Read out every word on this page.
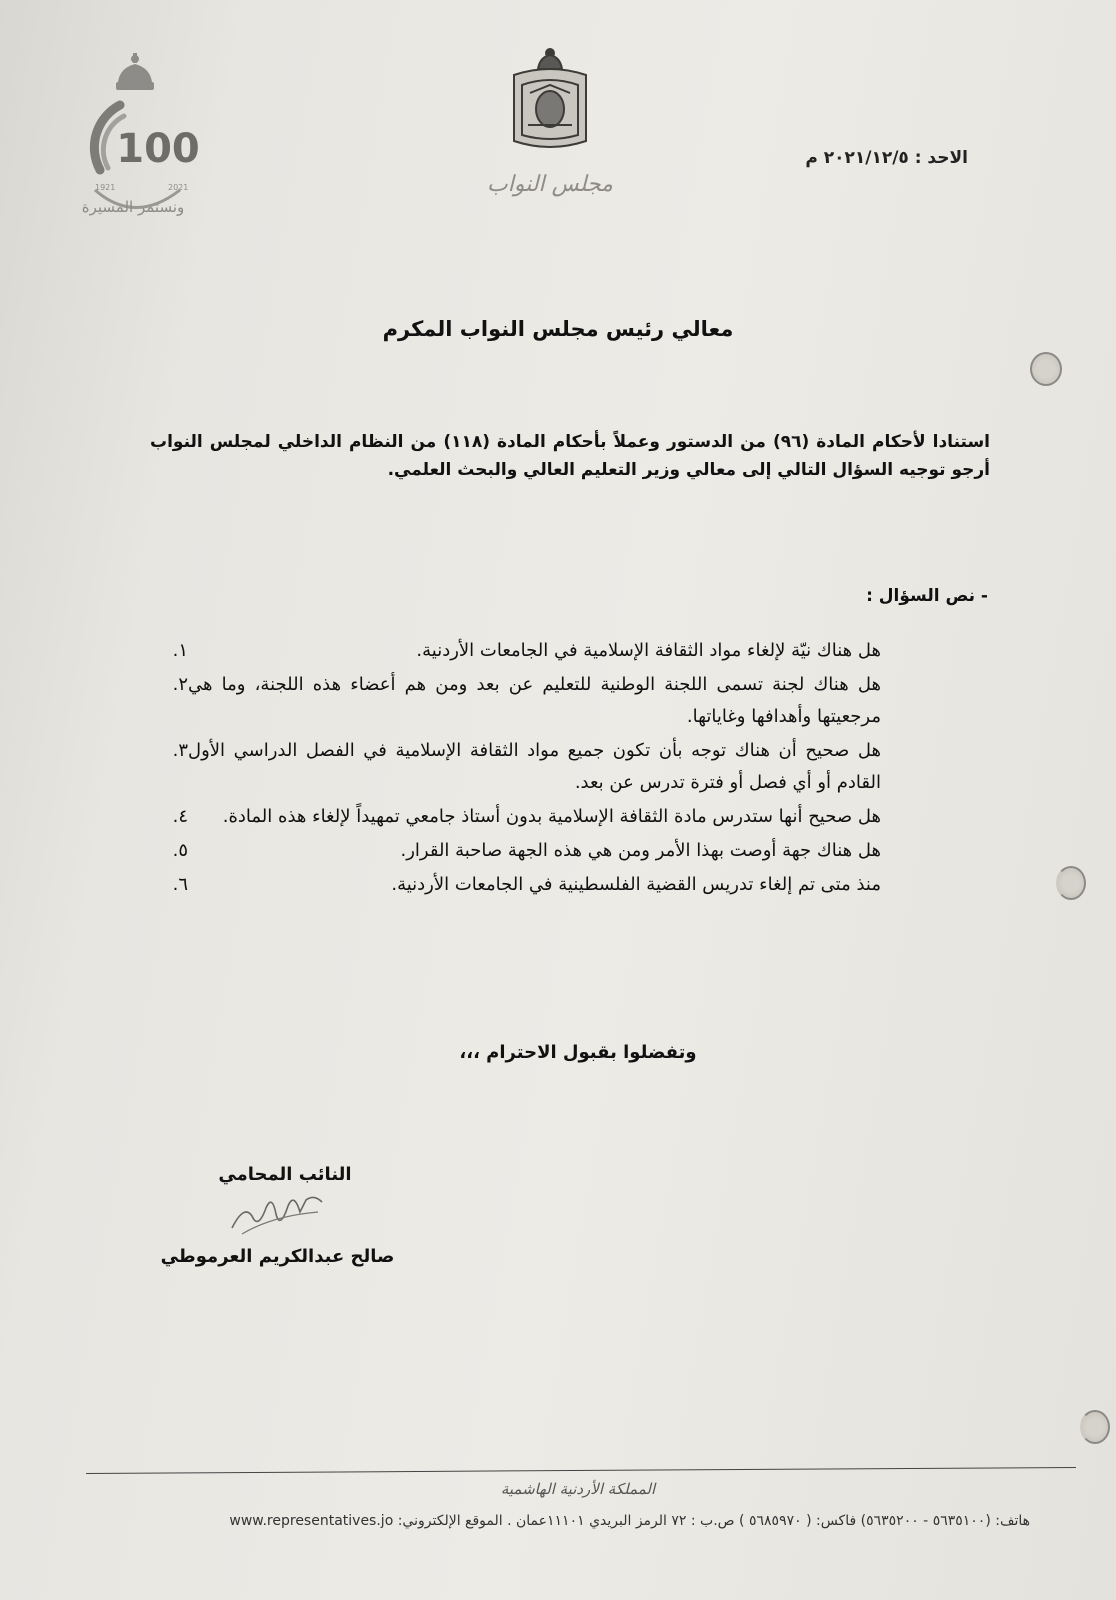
100
1921	2021
ونستمر المسيرة
مجلس النواب
الاحد : ٢٠٢١/١٢/٥ م
معالي رئيس مجلس النواب المكرم
استنادا لأحكام المادة (٩٦) من الدستور وعملاً بأحكام المادة (١١٨) من النظام الداخلي لمجلس النواب أرجو توجيه السؤال التالي إلى معالي وزير التعليم العالي والبحث العلمي.
- نص السؤال :
١.	هل هناك نيّة لإلغاء مواد الثقافة الإسلامية في الجامعات الأردنية.
٢. هل هناك لجنة تسمى اللجنة الوطنية للتعليم عن بعد ومن هم أعضاء هذه اللجنة، وما هي مرجعيتها وأهدافها وغاياتها.
٣. هل صحيح أن هناك توجه بأن تكون جميع مواد الثقافة الإسلامية في الفصل الدراسي الأول القادم أو أي فصل أو فترة تدرس عن بعد.
٤.	هل صحيح أنها ستدرس مادة الثقافة الإسلامية بدون أستاذ جامعي تمهيداً لإلغاء هذه المادة.
٥.	هل هناك جهة أوصت بهذا الأمر ومن هي هذه الجهة صاحبة القرار.
٦.	منذ متى تم إلغاء تدريس القضية الفلسطينية في الجامعات الأردنية.
وتفضلوا بقبول الاحترام ،،،
النائب المحامي
صالح عبدالكريم العرموطي
المملكة الأردنية الهاشمية
هاتف: (٥٦٣٥١٠٠ - ٥٦٣٥٢٠٠) فاكس: ( ٥٦٨٥٩٧٠ ) ص.ب : ٧٢ الرمز البريدي ١١١٠١عمان . الموقع الإلكتروني: www.representatives.jo
